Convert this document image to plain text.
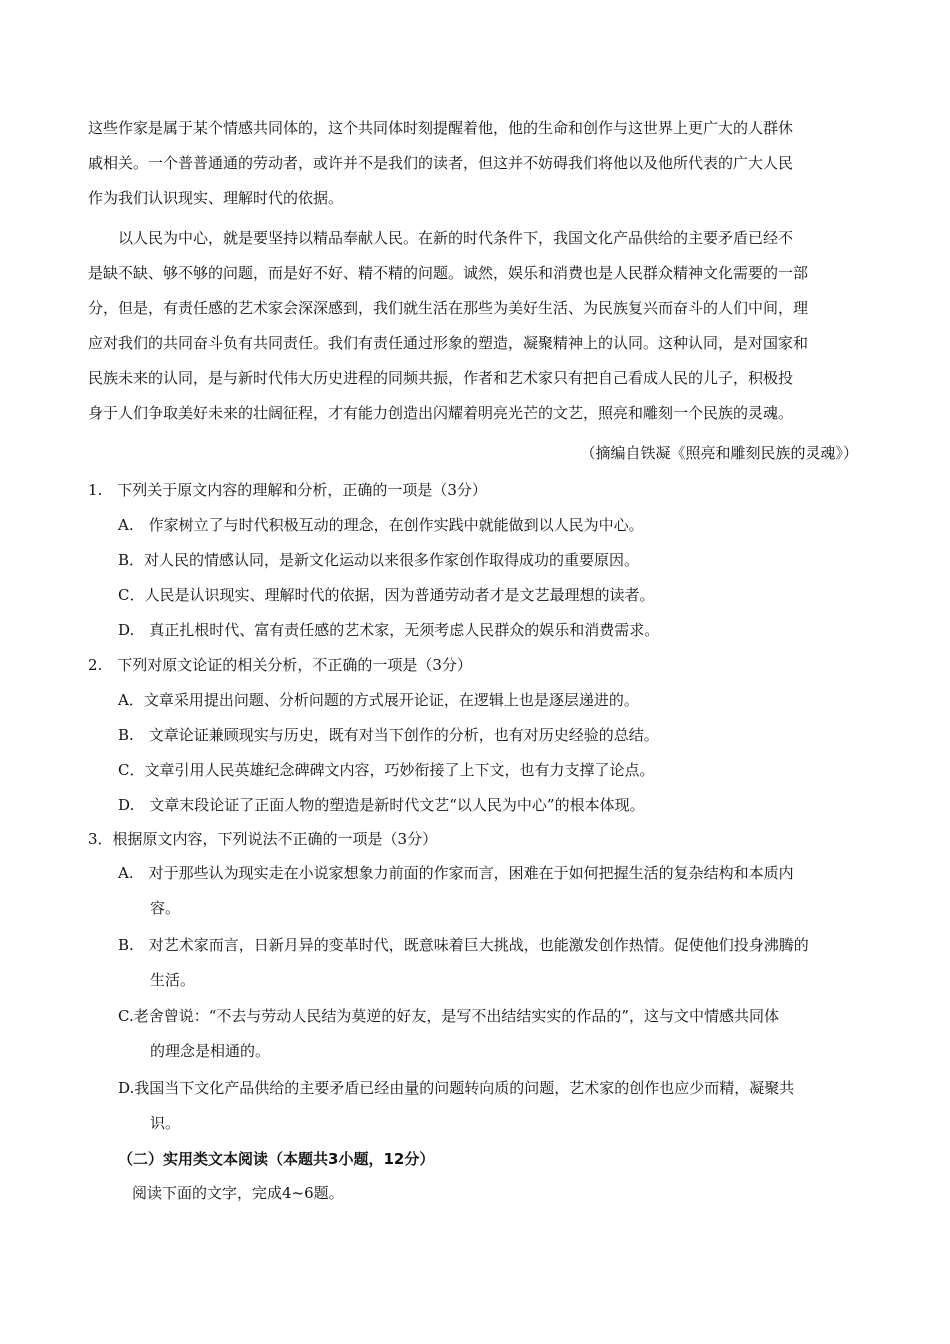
这些作家是属于某个情感共同体的，这个共同体时刻提醒着他，他的生命和创作与这世界上更广大的人群休
戚相关。一个普普通通的劳动者，或许并不是我们的读者，但这并不妨碍我们将他以及他所代表的广大人民
作为我们认识现实、理解时代的依据。
以人民为中心，就是要坚持以精品奉献人民。在新的时代条件下，我国文化产品供给的主要矛盾已经不
是缺不缺、够不够的问题，而是好不好、精不精的问题。诚然，娱乐和消费也是人民群众精神文化需要的一部
分，但是，有责任感的艺术家会深深感到，我们就生活在那些为美好生活、为民族复兴而奋斗的人们中间，理
应对我们的共同奋斗负有共同责任。我们有责任通过形象的塑造，凝聚精神上的认同。这种认同，是对国家和
民族未来的认同，是与新时代伟大历史进程的同频共振，作者和艺术家只有把自己看成人民的儿子，积极投
身于人们争取美好未来的壮阔征程，才有能力创造出闪耀着明亮光芒的文艺，照亮和雕刻一个民族的灵魂。
（摘编自铁凝《照亮和雕刻民族的灵魂》）
1.　下列关于原文内容的理解和分析，正确的一项是（3分）
A.　作家树立了与时代积极互动的理念，在创作实践中就能做到以人民为中心。
B．对人民的情感认同，是新文化运动以来很多作家创作取得成功的重要原因。
C．人民是认识现实、理解时代的依据，因为普通劳动者才是文艺最理想的读者。
D.　真正扎根时代、富有责任感的艺术家，无须考虑人民群众的娱乐和消费需求。
2.　下列对原文论证的相关分析，不正确的一项是（3分）
A．文章采用提出问题、分析问题的方式展开论证，在逻辑上也是逐层递进的。
B.　文章论证兼顾现实与历史，既有对当下创作的分析，也有对历史经验的总结。
C．文章引用人民英雄纪念碑碑文内容，巧妙衔接了上下文，也有力支撑了论点。
D.　文章末段论证了正面人物的塑造是新时代文艺“以人民为中心”的根本体现。
3．根据原文内容，下列说法不正确的一项是（3分）
A.　对于那些认为现实走在小说家想象力前面的作家而言，困难在于如何把握生活的复杂结构和本质内
容。
B.　对艺术家而言，日新月异的变革时代，既意味着巨大挑战，也能激发创作热情。促使他们投身沸腾的
生活。
C.老舍曾说：“不去与劳动人民结为莫逆的好友，是写不出结结实实的作品的”，这与文中情感共同体
的理念是相通的。
D.我国当下文化产品供给的主要矛盾已经由量的问题转向质的问题，艺术家的创作也应少而精，凝聚共
识。
（二）实用类文本阅读（本题共3小题，12分）
阅读下面的文字，完成4~6题。
